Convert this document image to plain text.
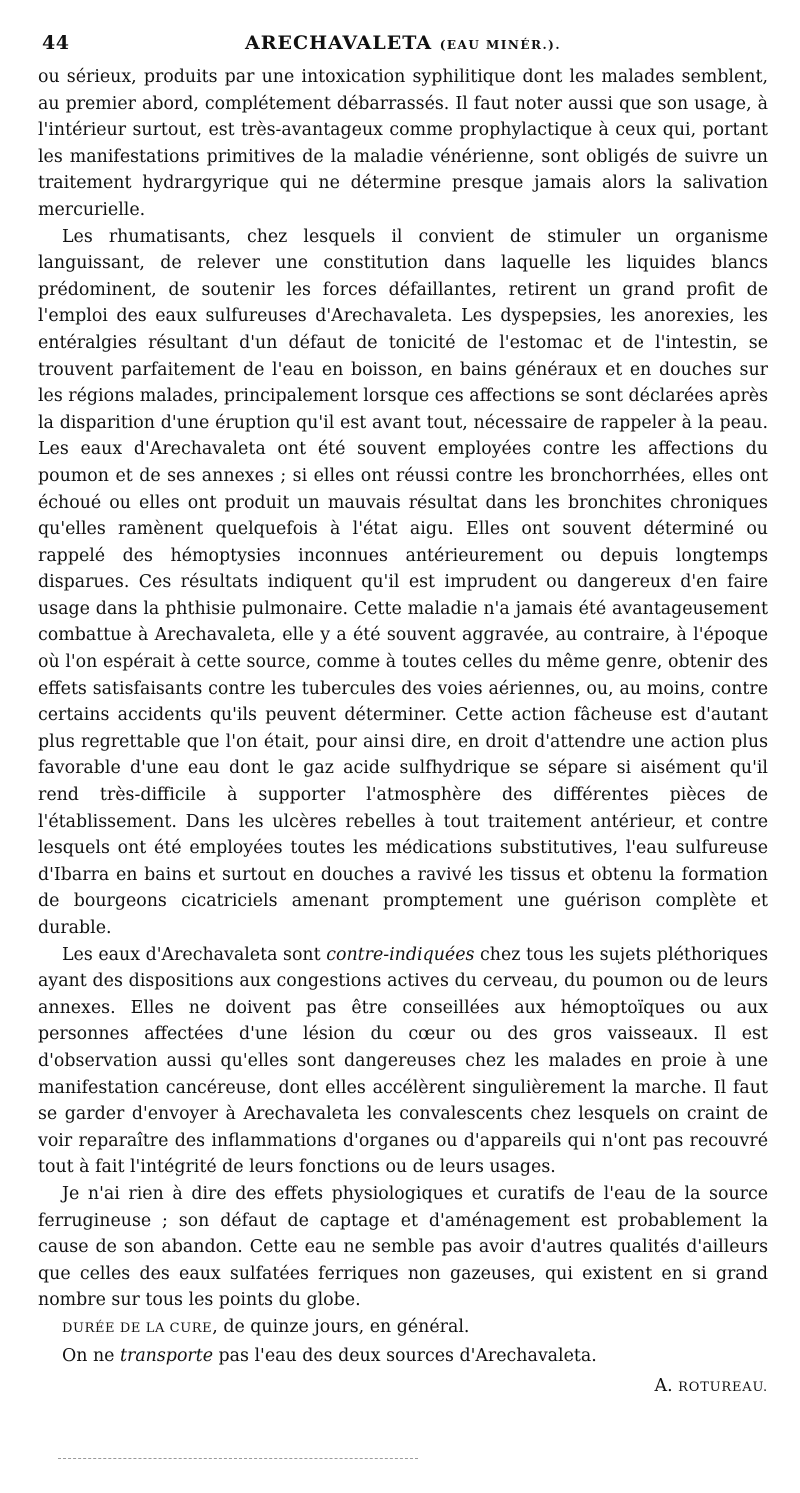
44	ARECHAVALETA (EAU MINÉR.).

ou sérieux, produits par une intoxication syphilitique dont les malades semblent, au premier abord, complétement débarrassés. Il faut noter aussi que son usage, à l'intérieur surtout, est très-avantageux comme prophylactique à ceux qui, portant les manifestations primitives de la maladie vénérienne, sont obligés de suivre un traitement hydrargyrique qui ne détermine presque jamais alors la salivation mercurielle.

Les rhumatisants, chez lesquels il convient de stimuler un organisme languissant, de relever une constitution dans laquelle les liquides blancs prédominent, de soutenir les forces défaillantes, retirent un grand profit de l'emploi des eaux sulfureuses d'Arechavaleta. Les dyspepsies, les anorexies, les entéralgies résultant d'un défaut de tonicité de l'estomac et de l'intestin, se trouvent parfaitement de l'eau en boisson, en bains généraux et en douches sur les régions malades, principalement lorsque ces affections se sont déclarées après la disparition d'une éruption qu'il est avant tout, nécessaire de rappeler à la peau. Les eaux d'Arechavaleta ont été souvent employées contre les affections du poumon et de ses annexes ; si elles ont réussi contre les bronchorrhées, elles ont échoué ou elles ont produit un mauvais résultat dans les bronchites chroniques qu'elles ramènent quelquefois à l'état aigu. Elles ont souvent déterminé ou rappelé des hémoptysies inconnues antérieurement ou depuis longtemps disparues. Ces résultats indiquent qu'il est imprudent ou dangereux d'en faire usage dans la phthisie pulmonaire. Cette maladie n'a jamais été avantageusement combattue à Arechavaleta, elle y a été souvent aggravée, au contraire, à l'époque où l'on espérait à cette source, comme à toutes celles du même genre, obtenir des effets satisfaisants contre les tubercules des voies aériennes, ou, au moins, contre certains accidents qu'ils peuvent déterminer. Cette action fâcheuse est d'autant plus regrettable que l'on était, pour ainsi dire, en droit d'attendre une action plus favorable d'une eau dont le gaz acide sulfhydrique se sépare si aisément qu'il rend très-difficile à supporter l'atmosphère des différentes pièces de l'établissement. Dans les ulcères rebelles à tout traitement antérieur, et contre lesquels ont été employées toutes les médications substitutives, l'eau sulfureuse d'Ibarra en bains et surtout en douches a ravivé les tissus et obtenu la formation de bourgeons cicatriciels amenant promptement une guérison complète et durable.

Les eaux d'Arechavaleta sont contre-indiquées chez tous les sujets pléthoriques ayant des dispositions aux congestions actives du cerveau, du poumon ou de leurs annexes. Elles ne doivent pas être conseillées aux hémoptoïques ou aux personnes affectées d'une lésion du cœur ou des gros vaisseaux. Il est d'observation aussi qu'elles sont dangereuses chez les malades en proie à une manifestation cancéreuse, dont elles accélèrent singulièrement la marche. Il faut se garder d'envoyer à Arechavaleta les convalescents chez lesquels on craint de voir reparaître des inflammations d'organes ou d'appareils qui n'ont pas recouvré tout à fait l'intégrité de leurs fonctions ou de leurs usages.

Je n'ai rien à dire des effets physiologiques et curatifs de l'eau de la source ferrugineuse ; son défaut de captage et d'aménagement est probablement la cause de son abandon. Cette eau ne semble pas avoir d'autres qualités d'ailleurs que celles des eaux sulfatées ferriques non gazeuses, qui existent en si grand nombre sur tous les points du globe.

DURÉE DE LA CURE, de quinze jours, en général.

On ne transporte pas l'eau des deux sources d'Arechavaleta.

A. ROTUREAU.
